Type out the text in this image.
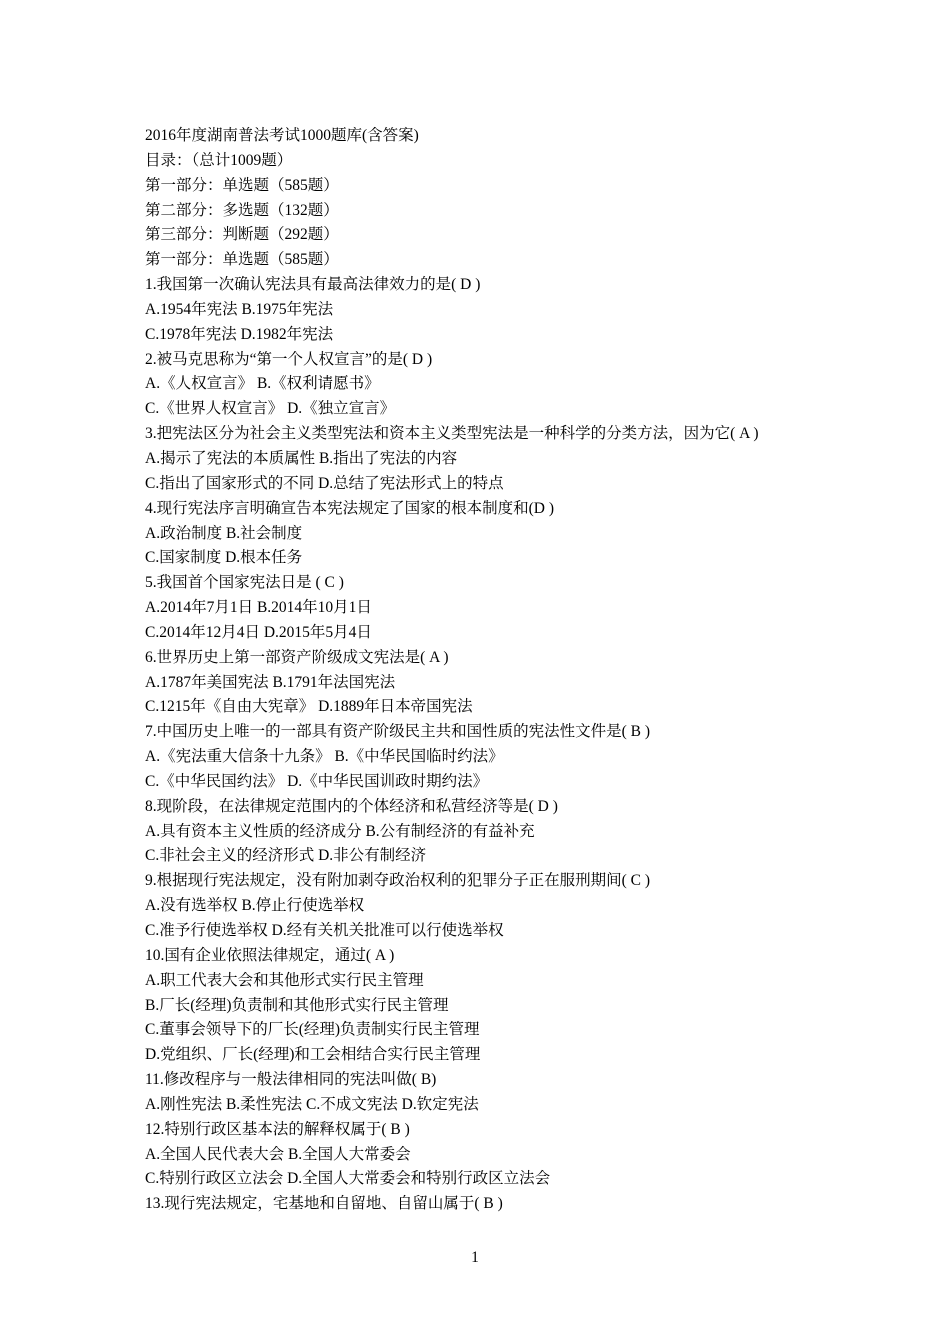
2016年度湖南普法考试1000题库(含答案)
目录：（总计1009题）
第一部分：单选题（585题）
第二部分：多选题（132题）
第三部分：判断题（292题）
第一部分：单选题（585题）
1.我国第一次确认宪法具有最高法律效力的是( D )
A.1954年宪法 B.1975年宪法
C.1978年宪法 D.1982年宪法
2.被马克思称为“第一个人权宣言”的是( D )
A.《人权宣言》 B.《权利请愿书》
C.《世界人权宣言》 D.《独立宣言》
3.把宪法区分为社会主义类型宪法和资本主义类型宪法是一种科学的分类方法，因为它( A )
A.揭示了宪法的本质属性 B.指出了宪法的内容
C.指出了国家形式的不同 D.总结了宪法形式上的特点
4.现行宪法序言明确宣告本宪法规定了国家的根本制度和(D )
A.政治制度 B.社会制度
C.国家制度 D.根本任务
5.我国首个国家宪法日是 ( C )
A.2014年7月1日 B.2014年10月1日
C.2014年12月4日 D.2015年5月4日
6.世界历史上第一部资产阶级成文宪法是( A )
A.1787年美国宪法 B.1791年法国宪法
C.1215年《自由大宪章》 D.1889年日本帝国宪法
7.中国历史上唯一的一部具有资产阶级民主共和国性质的宪法性文件是( B )
A.《宪法重大信条十九条》 B.《中华民国临时约法》
C.《中华民国约法》 D.《中华民国训政时期约法》
8.现阶段，在法律规定范围内的个体经济和私营经济等是( D )
A.具有资本主义性质的经济成分 B.公有制经济的有益补充
C.非社会主义的经济形式 D.非公有制经济
9.根据现行宪法规定，没有附加剥夺政治权利的犯罪分子正在服刑期间( C )
A.没有选举权 B.停止行使选举权
C.准予行使选举权 D.经有关机关批准可以行使选举权
10.国有企业依照法律规定，通过( A )
A.职工代表大会和其他形式实行民主管理
B.厂长(经理)负责制和其他形式实行民主管理
C.董事会领导下的厂长(经理)负责制实行民主管理
D.党组织、厂长(经理)和工会相结合实行民主管理
11.修改程序与一般法律相同的宪法叫做( B)
A.刚性宪法 B.柔性宪法 C.不成文宪法 D.钦定宪法
12.特别行政区基本法的解释权属于( B )
A.全国人民代表大会 B.全国人大常委会
C.特别行政区立法会 D.全国人大常委会和特别行政区立法会
13.现行宪法规定，宅基地和自留地、自留山属于( B )
1
